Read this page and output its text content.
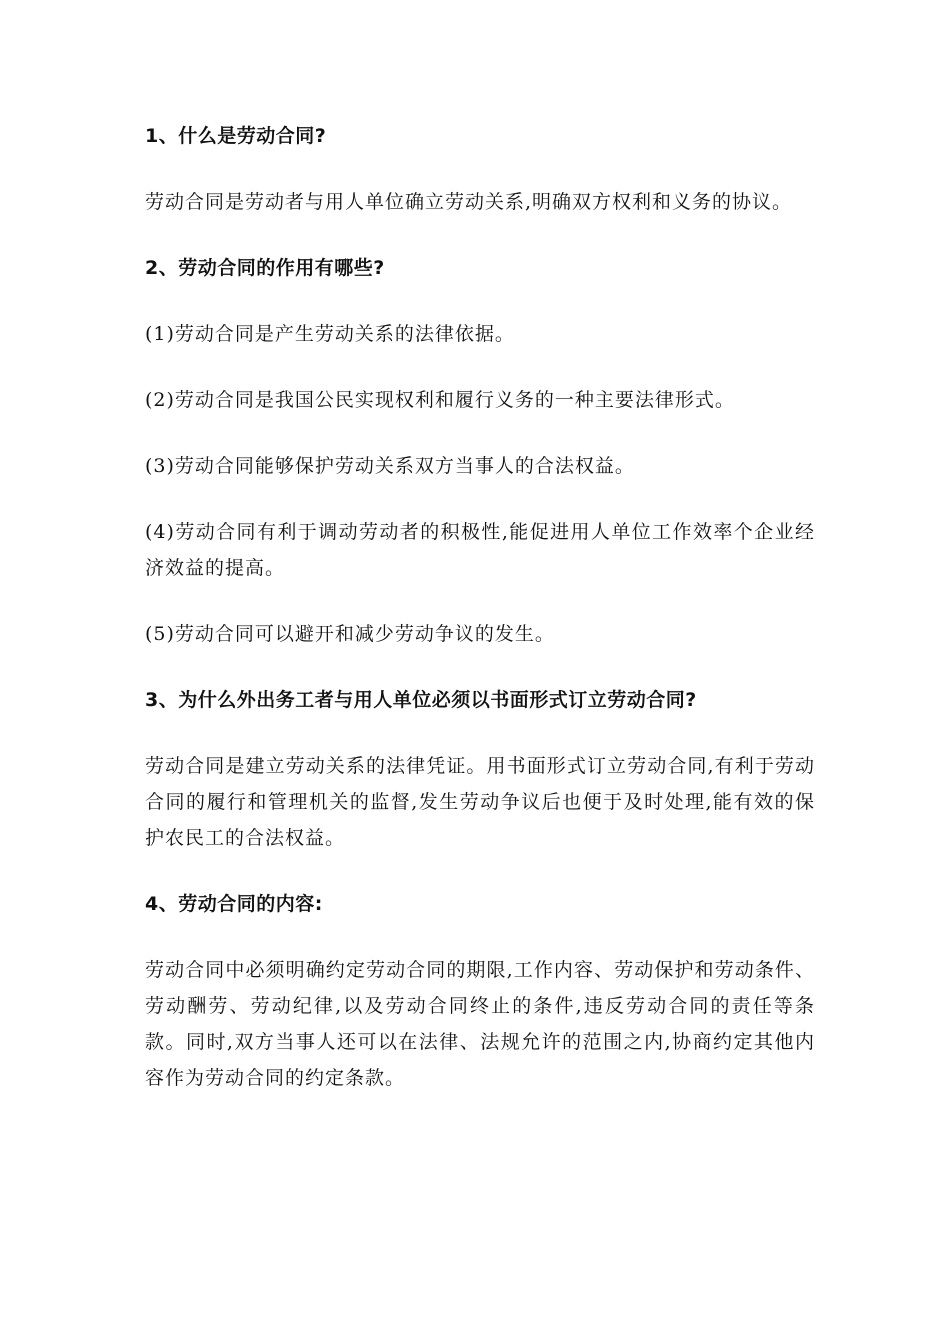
1、什么是劳动合同?

劳动合同是劳动者与用人单位确立劳动关系,明确双方权利和义务的协议。

2、劳动合同的作用有哪些?

(1)劳动合同是产生劳动关系的法律依据。

(2)劳动合同是我国公民实现权利和履行义务的一种主要法律形式。

(3)劳动合同能够保护劳动关系双方当事人的合法权益。

(4)劳动合同有利于调动劳动者的积极性,能促进用人单位工作效率个企业经济效益的提高。

(5)劳动合同可以避开和减少劳动争议的发生。

3、为什么外出务工者与用人单位必须以书面形式订立劳动合同?

劳动合同是建立劳动关系的法律凭证。用书面形式订立劳动合同,有利于劳动合同的履行和管理机关的监督,发生劳动争议后也便于及时处理,能有效的保护农民工的合法权益。

4、劳动合同的内容:

劳动合同中必须明确约定劳动合同的期限,工作内容、劳动保护和劳动条件、劳动酬劳、劳动纪律,以及劳动合同终止的条件,违反劳动合同的责任等条款。同时,双方当事人还可以在法律、法规允许的范围之内,协商约定其他内容作为劳动合同的约定条款。
